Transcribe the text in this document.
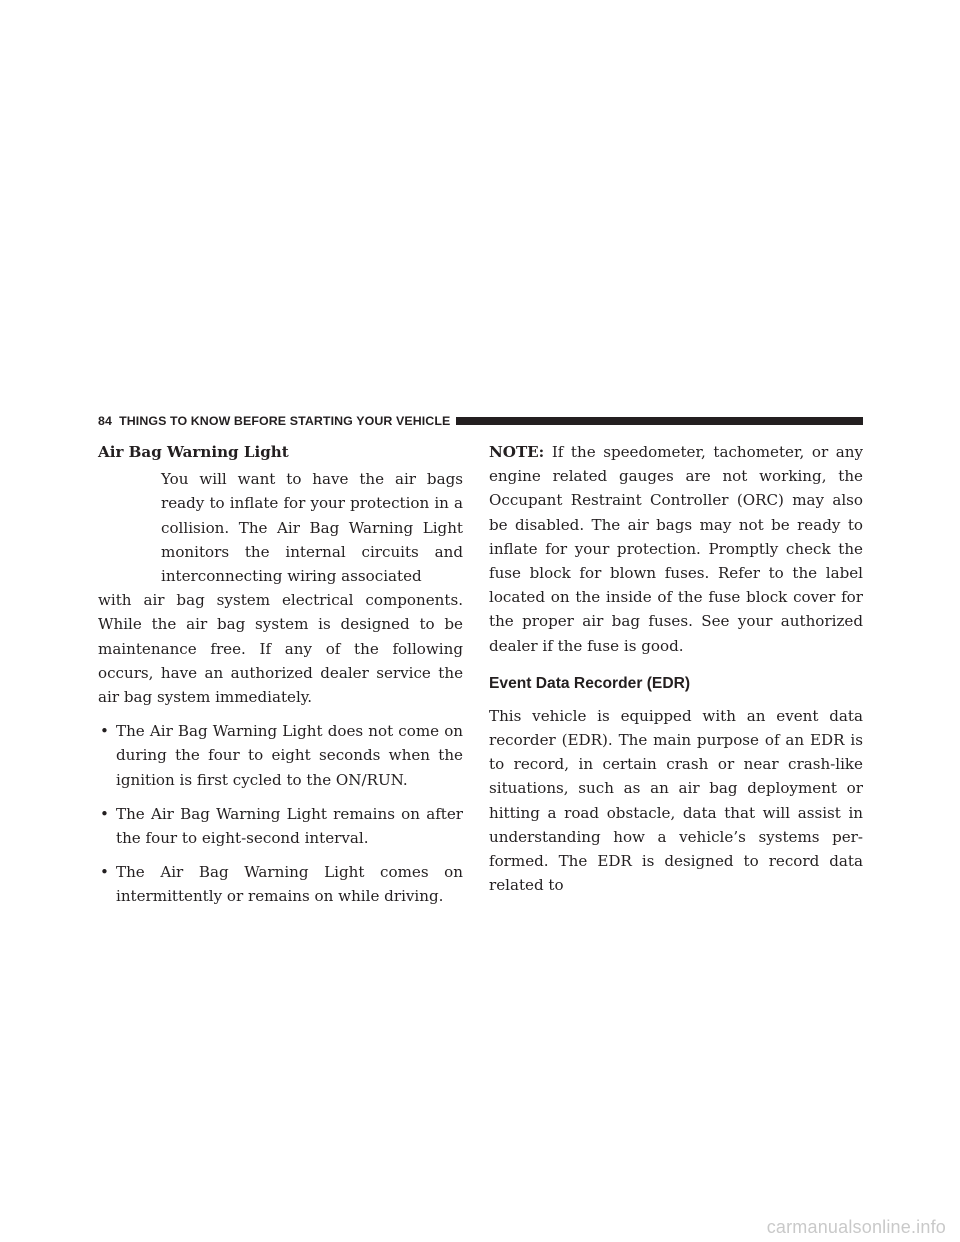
84 THINGS TO KNOW BEFORE STARTING YOUR VEHICLE

Air Bag Warning Light

You will want to have the air bags ready to inflate for your protection in a collision. The Air Bag Warning Light monitors the internal circuits and interconnecting wiring associated

with air bag system electrical components. While the air bag system is designed to be maintenance free. If any of the following occurs, have an authorized dealer service the air bag system immediately.

• The Air Bag Warning Light does not come on during the four to eight seconds when the ignition is first cycled to the ON/RUN.
• The Air Bag Warning Light remains on after the four to eight-second interval.
• The Air Bag Warning Light comes on intermittently or remains on while driving.

NOTE: If the speedometer, tachometer, or any engine related gauges are not working, the Occupant Restraint Controller (ORC) may also be disabled. The air bags may not be ready to inflate for your protection. Promptly check the fuse block for blown fuses. Refer to the label located on the inside of the fuse block cover for the proper air bag fuses. See your authorized dealer if the fuse is good.

Event Data Recorder (EDR)

This vehicle is equipped with an event data recorder (EDR). The main purpose of an EDR is to record, in certain crash or near crash-like situations, such as an air bag deployment or hitting a road obstacle, data that will assist in understanding how a vehicle’s systems per-formed. The EDR is designed to record data related to

carmanualsonline.info
